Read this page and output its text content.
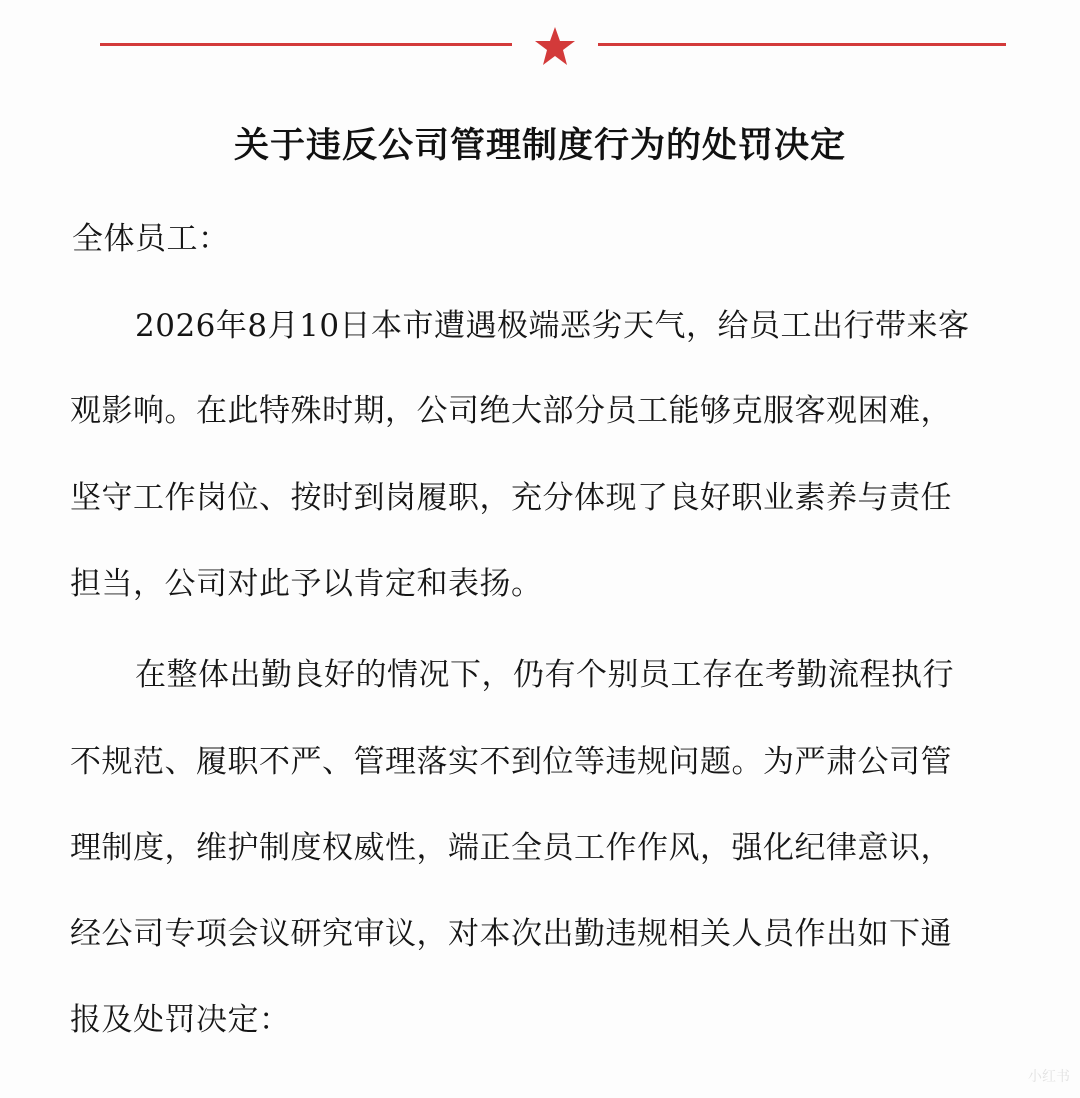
关于违反公司管理制度行为的处罚决定
全体员工：
2026年8月10日本市遭遇极端恶劣天气，给员工出行带来客
观影响。在此特殊时期，公司绝大部分员工能够克服客观困难，
坚守工作岗位、按时到岗履职，充分体现了良好职业素养与责任
担当，公司对此予以肯定和表扬。
在整体出勤良好的情况下，仍有个别员工存在考勤流程执行
不规范、履职不严、管理落实不到位等违规问题。为严肃公司管
理制度，维护制度权威性，端正全员工作作风，强化纪律意识，
经公司专项会议研究审议，对本次出勤违规相关人员作出如下通
报及处罚决定：
小红书
